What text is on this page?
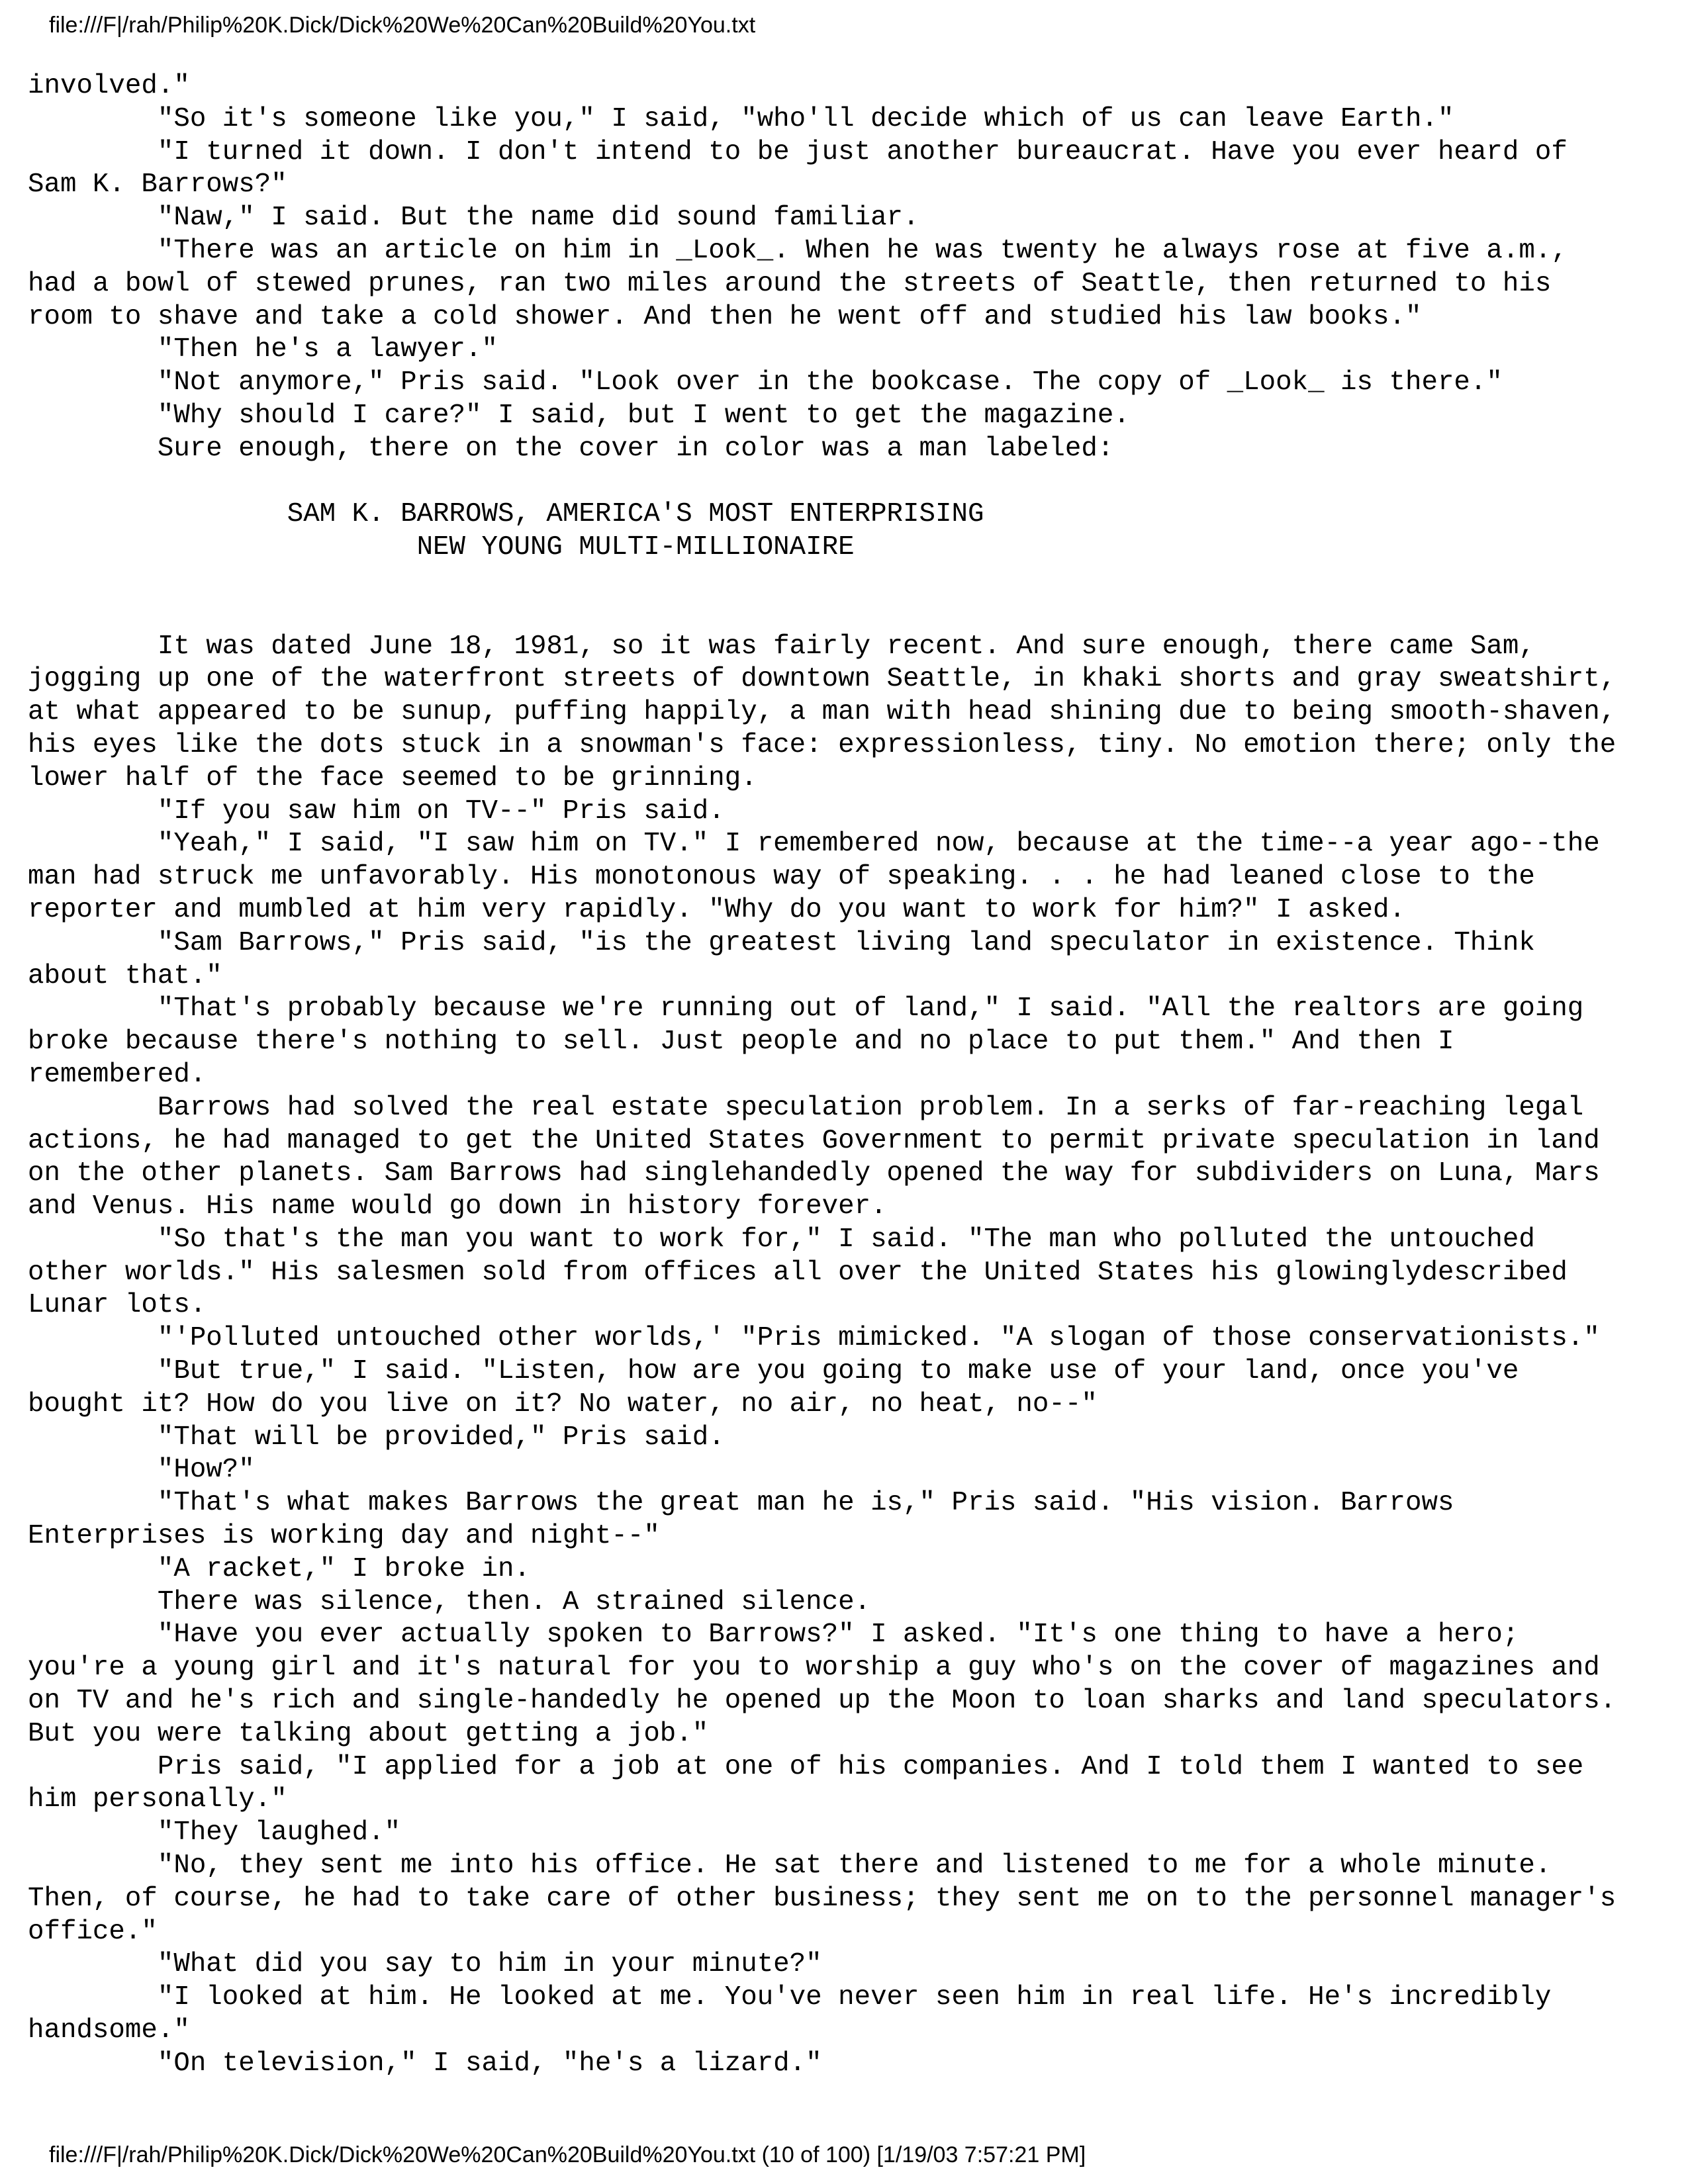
file:///F|/rah/Philip%20K.Dick/Dick%20We%20Can%20Build%20You.txt
involved."
"So it's someone like you," I said, "who'll decide which of us can leave Earth."
"I turned it down. I don't intend to be just another bureaucrat. Have you ever heard of
Sam K. Barrows?"
"Naw," I said. But the name did sound familiar.
"There was an article on him in _Look_. When he was twenty he always rose at five a.m.,
had a bowl of stewed prunes, ran two miles around the streets of Seattle, then returned to his
room to shave and take a cold shower. And then he went off and studied his law books."
"Then he's a lawyer."
"Not anymore," Pris said. "Look over in the bookcase. The copy of _Look_ is there."
"Why should I care?" I said, but I went to get the magazine.
Sure enough, there on the cover in color was a man labeled:
SAM K. BARROWS, AMERICA'S MOST ENTERPRISING
NEW YOUNG MULTI-MILLIONAIRE
It was dated June 18, 1981, so it was fairly recent. And sure enough, there came Sam,
jogging up one of the waterfront streets of downtown Seattle, in khaki shorts and gray sweatshirt,
at what appeared to be sunup, puffing happily, a man with head shining due to being smooth-shaven,
his eyes like the dots stuck in a snowman's face: expressionless, tiny. No emotion there; only the
lower half of the face seemed to be grinning.
"If you saw him on TV--" Pris said.
"Yeah," I said, "I saw him on TV." I remembered now, because at the time--a year ago--the
man had struck me unfavorably. His monotonous way of speaking. . . he had leaned close to the
reporter and mumbled at him very rapidly. "Why do you want to work for him?" I asked.
"Sam Barrows," Pris said, "is the greatest living land speculator in existence. Think
about that."
"That's probably because we're running out of land," I said. "All the realtors are going
broke because there's nothing to sell. Just people and no place to put them." And then I
remembered.
Barrows had solved the real estate speculation problem. In a serks of far-reaching legal
actions, he had managed to get the United States Government to permit private speculation in land
on the other planets. Sam Barrows had singlehandedly opened the way for subdividers on Luna, Mars
and Venus. His name would go down in history forever.
"So that's the man you want to work for," I said. "The man who polluted the untouched
other worlds." His salesmen sold from offices all over the United States his glowinglydescribed
Lunar lots.
"'Polluted untouched other worlds,' "Pris mimicked. "A slogan of those conservationists."
"But true," I said. "Listen, how are you going to make use of your land, once you've
bought it? How do you live on it? No water, no air, no heat, no--"
"That will be provided," Pris said.
"How?"
"That's what makes Barrows the great man he is," Pris said. "His vision. Barrows
Enterprises is working day and night--"
"A racket," I broke in.
There was silence, then. A strained silence.
"Have you ever actually spoken to Barrows?" I asked. "It's one thing to have a hero;
you're a young girl and it's natural for you to worship a guy who's on the cover of magazines and
on TV and he's rich and single-handedly he opened up the Moon to loan sharks and land speculators.
But you were talking about getting a job."
Pris said, "I applied for a job at one of his companies. And I told them I wanted to see
him personally."
"They laughed."
"No, they sent me into his office. He sat there and listened to me for a whole minute.
Then, of course, he had to take care of other business; they sent me on to the personnel manager's
office."
"What did you say to him in your minute?"
"I looked at him. He looked at me. You've never seen him in real life. He's incredibly
handsome."
"On television," I said, "he's a lizard."
file:///F|/rah/Philip%20K.Dick/Dick%20We%20Can%20Build%20You.txt (10 of 100) [1/19/03 7:57:21 PM]
